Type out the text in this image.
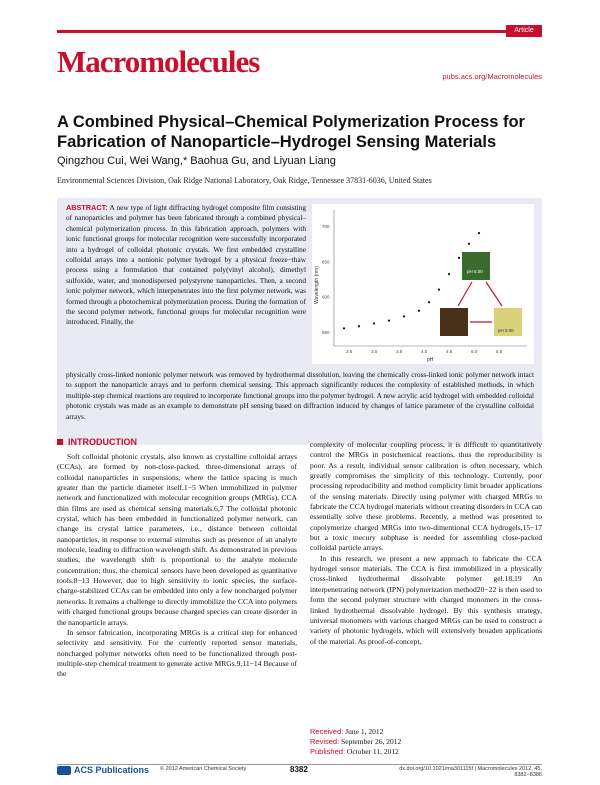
Article
Macromolecules	pubs.acs.org/Macromolecules
A Combined Physical–Chemical Polymerization Process for Fabrication of Nanoparticle–Hydrogel Sensing Materials
Qingzhou Cui, Wei Wang,* Baohua Gu, and Liyuan Liang
Environmental Sciences Division, Oak Ridge National Laboratory, Oak Ridge, Tennessee 37831-6036, United States
ABSTRACT: A new type of light diffracting hydrogel composite film consisting of nanoparticles and polymer has been fabricated through a combined physical–chemical polymerization process. In this fabrication approach, polymers with ionic functional groups for molecular recognition were successfully incorporated into a hydrogel of colloidal photonic crystals. We first embedded crystalline colloidal arrays into a nonionic polymer hydrogel by a physical freeze−thaw process using a formulation that contained poly(vinyl alcohol), dimethyl sulfoxide, water, and monodispersed polystyrene nanoparticles. Then, a second ionic polymer network, which interpenetrates into the first polymer network, was formed through a photochemical polymerization process. During the formation of the second polymer network, functional groups for molecular recognition were introduced. Finally, the
physically cross-linked nonionic polymer network was removed by hydrothermal dissolution, leaving the chemically cross-linked ionic polymer network intact to support the nanoparticle arrays and to perform chemical sensing. This approach significantly reduces the complexity of established methods, in which multiple-step chemical reactions are required to incorporate functional groups into the polymer hydrogel. A new acrylic acid hydrogel with embedded colloidal photonic crystals was made as an example to demonstrate pH sensing based on diffraction induced by changes of lattice parameter of the crystalline colloidal arrays.
Wavelength (nm)
pH
2.5	3.0	3.5	4.0	4.5	5.0	5.5
550
600
650
700
pH 6.00
pH 8.00
INTRODUCTION

Soft colloidal photonic crystals, also known as crystalline colloidal arrays (CCAs), are formed by non-close-packed, three-dimensional arrays of colloidal nanoparticles in suspensions, where the lattice spacing is much greater than the particle diameter itself.1−5 When immobilized in polymer network and functionalized with molecular recognition groups (MRGs), CCA thin films are used as chemical sensing materials.6,7 The colloidal photonic crystal, which has been embedded in functionalized polymer network, can change its crystal lattice parameters, i.e., distance between colloidal nanoparticles, in response to external stimulus such as presence of an analyte molecule, leading to diffraction wavelength shift. As demonstrated in previous studies, the wavelength shift is proportional to the analyte molecule concentration; thus, the chemical sensors have been developed as quantitative tools.8−13 However, due to high sensitivity to ionic species, the surface-charge-stabilized CCAs can be embedded into only a few noncharged polymer networks. It remains a challenge to directly immobilize the CCA into polymers with charged functional groups because charged species can create disorder in the nanoparticle arrays.

In sensor fabrication, incorporating MRGs is a critical step for enhanced selectivity and sensitivity. For the currently reported sensor materials, noncharged polymer networks often need to be functionalized through post-multiple-step chemical treatment to generate active MRGs.9,11−14 Because of the

complexity of molecular coupling process, it is difficult to quantitatively control the MRGs in postchemical reactions, thus the reproducibility is poor. As a result, individual sensor calibration is often necessary, which greatly compromises the simplicity of this technology. Currently, poor processing reproducibility and method complicity limit broader applications of the sensing materials. Directly using polymer with charged MRGs to fabricate the CCA hydrogel materials without creating disorders in CCA can essentially solve these problems. Recently, a method was presented to copolymerize charged MRGs into two-dimentional CCA hydrogels,15−17 but a toxic mecury subphase is needed for assembling close-packed colloidal particle arrays.

In this research, we present a new approach to fabricate the CCA hydrogel sensor materials. The CCA is first immobilized in a physically cross-linked hydrothermal dissolvable polymer gel.18,19 An interpenetrating network (IPN) polymerization method20−22 is then used to form the second polymer structure with charged monomers in the cross-linked hydrothermal dissolvable hydrogel. By this synthesis strategy, universal monomers with various charged MRGs can be used to construct a variety of photonic hydrogels, which will extensively broaden applications of the material. As proof-of-concept,

Received: June 1, 2012
Revised: September 26, 2012
Published: October 11, 2012
ACS Publications © 2012 American Chemical Society	8382	dx.doi.org/10.1021/ma301115f | Macromolecules 2012, 45, 8382−8386
